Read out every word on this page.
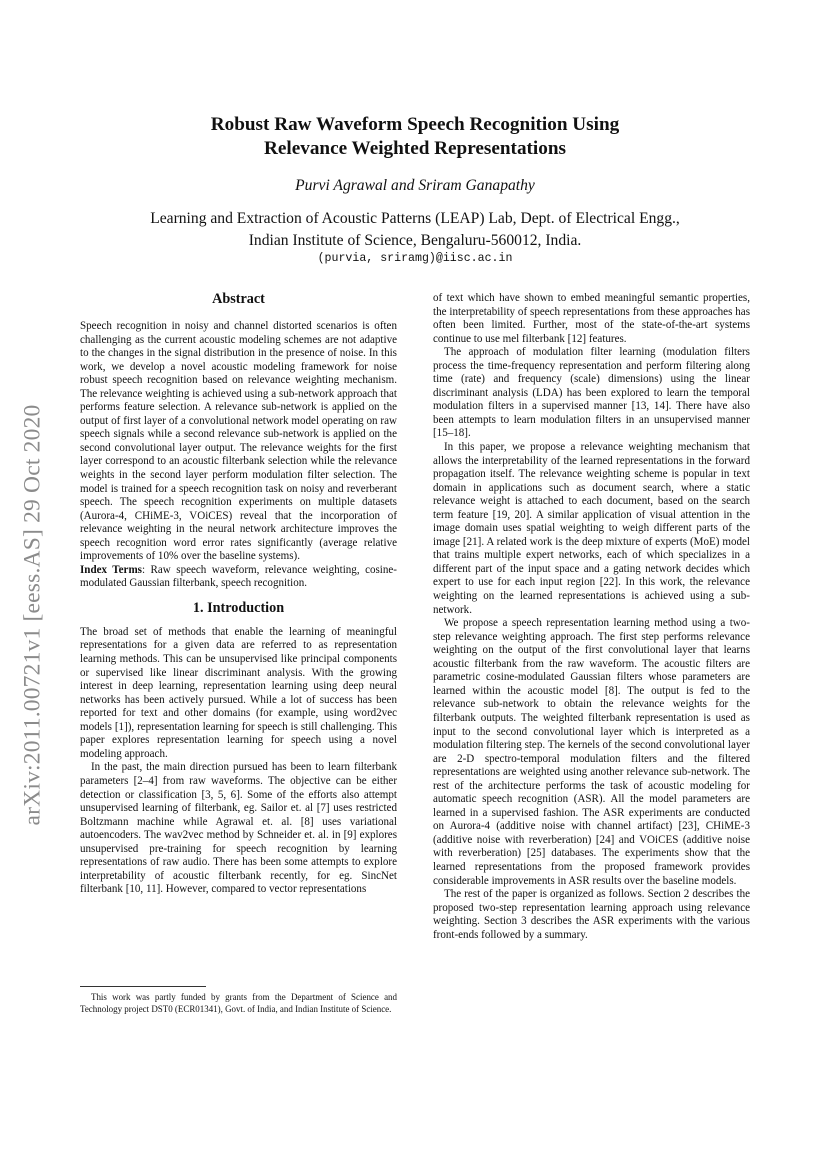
arXiv:2011.00721v1 [eess.AS] 29 Oct 2020
Robust Raw Waveform Speech Recognition Using
Relevance Weighted Representations
Purvi Agrawal and Sriram Ganapathy
Learning and Extraction of Acoustic Patterns (LEAP) Lab, Dept. of Electrical Engg.,
Indian Institute of Science, Bengaluru-560012, India.
(purvia, sriramg)@iisc.ac.in
Abstract

Speech recognition in noisy and channel distorted scenarios is often challenging as the current acoustic modeling schemes are not adaptive to the changes in the signal distribution in the presence of noise. In this work, we develop a novel acoustic modeling framework for noise robust speech recognition based on relevance weighting mechanism. The relevance weighting is achieved using a sub-network approach that performs feature selection. A relevance sub-network is applied on the output of first layer of a convolutional network model operating on raw speech signals while a second relevance sub-network is applied on the second convolutional layer output. The relevance weights for the first layer correspond to an acoustic filterbank selection while the relevance weights in the second layer perform modulation filter selection. The model is trained for a speech recognition task on noisy and reverberant speech. The speech recognition experiments on multiple datasets (Aurora-4, CHiME-3, VOiCES) reveal that the incorporation of relevance weighting in the neural network architecture improves the speech recognition word error rates significantly (average relative improvements of 10% over the baseline systems).

Index Terms: Raw speech waveform, relevance weighting, cosine-modulated Gaussian filterbank, speech recognition.

1. Introduction

The broad set of methods that enable the learning of meaningful representations for a given data are referred to as representation learning methods. This can be unsupervised like principal components or supervised like linear discriminant analysis. With the growing interest in deep learning, representation learning using deep neural networks has been actively pursued. While a lot of success has been reported for text and other domains (for example, using word2vec models [1]), representation learning for speech is still challenging. This paper explores representation learning for speech using a novel modeling approach.

In the past, the main direction pursued has been to learn filterbank parameters [2–4] from raw waveforms. The objective can be either detection or classification [3, 5, 6]. Some of the efforts also attempt unsupervised learning of filterbank, eg. Sailor et. al [7] uses restricted Boltzmann machine while Agrawal et. al. [8] uses variational autoencoders. The wav2vec method by Schneider et. al. in [9] explores unsupervised pre-training for speech recognition by learning representations of raw audio. There has been some attempts to explore interpretability of acoustic filterbank recently, for eg. SincNet filterbank [10, 11]. However, compared to vector representations

This work was partly funded by grants from the Department of Science and Technology project DST0 (ECR01341), Govt. of India, and Indian Institute of Science.

of text which have shown to embed meaningful semantic properties, the interpretability of speech representations from these approaches has often been limited. Further, most of the state-of-the-art systems continue to use mel filterbank [12] features.

The approach of modulation filter learning (modulation filters process the time-frequency representation and perform filtering along time (rate) and frequency (scale) dimensions) using the linear discriminant analysis (LDA) has been explored to learn the temporal modulation filters in a supervised manner [13, 14]. There have also been attempts to learn modulation filters in an unsupervised manner [15–18].

In this paper, we propose a relevance weighting mechanism that allows the interpretability of the learned representations in the forward propagation itself. The relevance weighting scheme is popular in text domain in applications such as document search, where a static relevance weight is attached to each document, based on the search term feature [19, 20]. A similar application of visual attention in the image domain uses spatial weighting to weigh different parts of the image [21]. A related work is the deep mixture of experts (MoE) model that trains multiple expert networks, each of which specializes in a different part of the input space and a gating network decides which expert to use for each input region [22]. In this work, the relevance weighting on the learned representations is achieved using a sub-network.

We propose a speech representation learning method using a two-step relevance weighting approach. The first step performs relevance weighting on the output of the first convolutional layer that learns acoustic filterbank from the raw waveform. The acoustic filters are parametric cosine-modulated Gaussian filters whose parameters are learned within the acoustic model [8]. The output is fed to the relevance sub-network to obtain the relevance weights for the filterbank outputs. The weighted filterbank representation is used as input to the second convolutional layer which is interpreted as a modulation filtering step. The kernels of the second convolutional layer are 2-D spectro-temporal modulation filters and the filtered representations are weighted using another relevance sub-network. The rest of the architecture performs the task of acoustic modeling for automatic speech recognition (ASR). All the model parameters are learned in a supervised fashion. The ASR experiments are conducted on Aurora-4 (additive noise with channel artifact) [23], CHiME-3 (additive noise with reverberation) [24] and VOiCES (additive noise with reverberation) [25] databases. The experiments show that the learned representations from the proposed framework provides considerable improvements in ASR results over the baseline models.

The rest of the paper is organized as follows. Section 2 describes the proposed two-step representation learning approach using relevance weighting. Section 3 describes the ASR experiments with the various front-ends followed by a summary.
